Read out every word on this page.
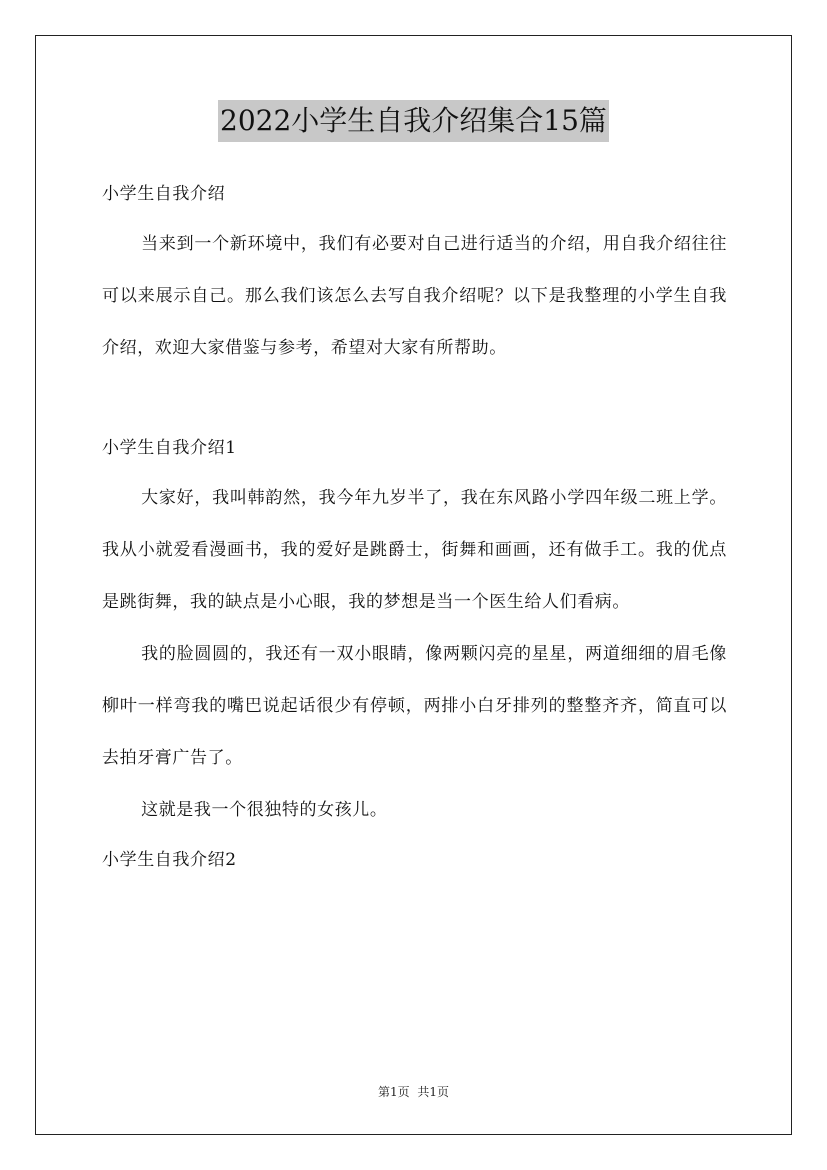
2022小学生自我介绍集合15篇
小学生自我介绍

当来到一个新环境中，我们有必要对自己进行适当的介绍，用自我介绍往往可以来展示自己。那么我们该怎么去写自我介绍呢？以下是我整理的小学生自我介绍，欢迎大家借鉴与参考，希望对大家有所帮助。

小学生自我介绍1

大家好，我叫韩韵然，我今年九岁半了，我在东风路小学四年级二班上学。我从小就爱看漫画书，我的爱好是跳爵士，街舞和画画，还有做手工。我的优点是跳街舞，我的缺点是小心眼，我的梦想是当一个医生给人们看病。

我的脸圆圆的，我还有一双小眼睛，像两颗闪亮的星星，两道细细的眉毛像柳叶一样弯我的嘴巴说起话很少有停顿，两排小白牙排列的整整齐齐，简直可以去拍牙膏广告了。

这就是我一个很独特的女孩儿。

小学生自我介绍2
第1页 共1页
